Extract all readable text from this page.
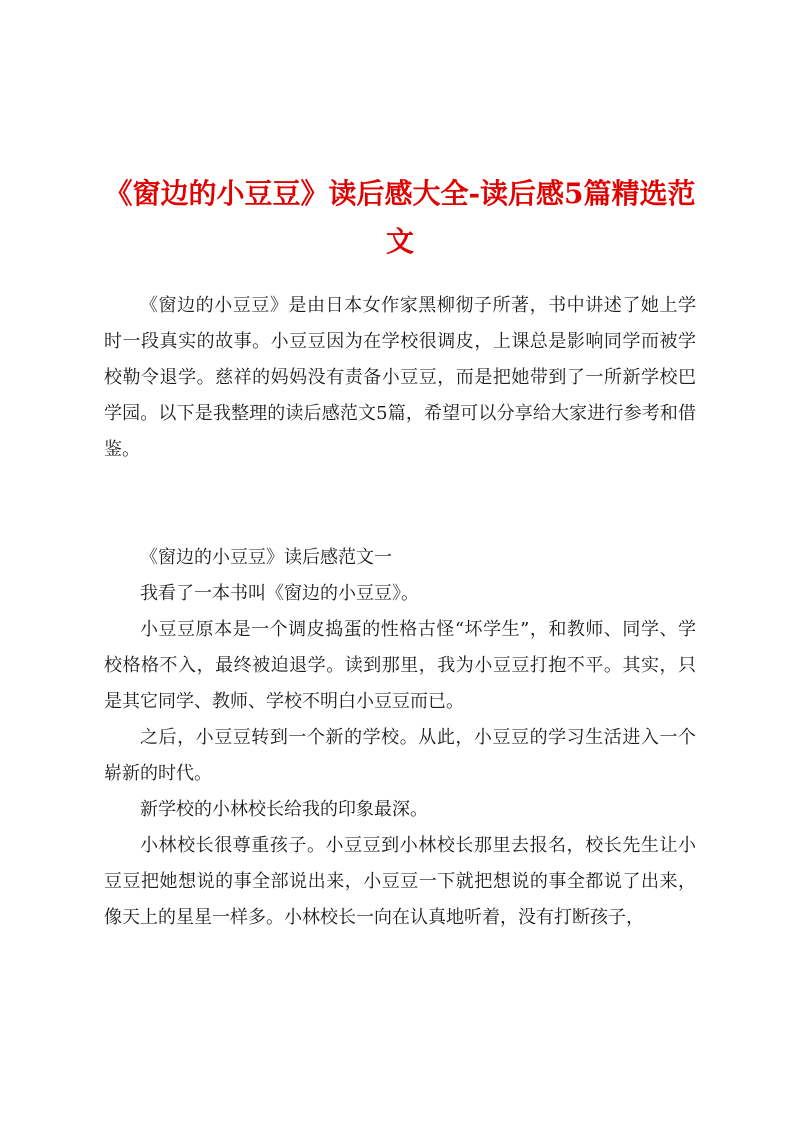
《窗边的小豆豆》读后感大全-读后感5篇精选范文

《窗边的小豆豆》是由日本女作家黑柳彻子所著，书中讲述了她上学时一段真实的故事。小豆豆因为在学校很调皮，上课总是影响同学而被学校勒令退学。慈祥的妈妈没有责备小豆豆，而是把她带到了一所新学校巴学园。以下是我整理的读后感范文5篇，希望可以分享给大家进行参考和借鉴。

《窗边的小豆豆》读后感范文一

我看了一本书叫《窗边的小豆豆》。

小豆豆原本是一个调皮捣蛋的性格古怪“坏学生”，和教师、同学、学校格格不入，最终被迫退学。读到那里，我为小豆豆打抱不平。其实，只是其它同学、教师、学校不明白小豆豆而已。

之后，小豆豆转到一个新的学校。从此，小豆豆的学习生活进入一个崭新的时代。

新学校的小林校长给我的印象最深。

小林校长很尊重孩子。小豆豆到小林校长那里去报名，校长先生让小豆豆把她想说的事全部说出来，小豆豆一下就把想说的事全都说了出来，像天上的星星一样多。小林校长一向在认真地听着，没有打断孩子，
